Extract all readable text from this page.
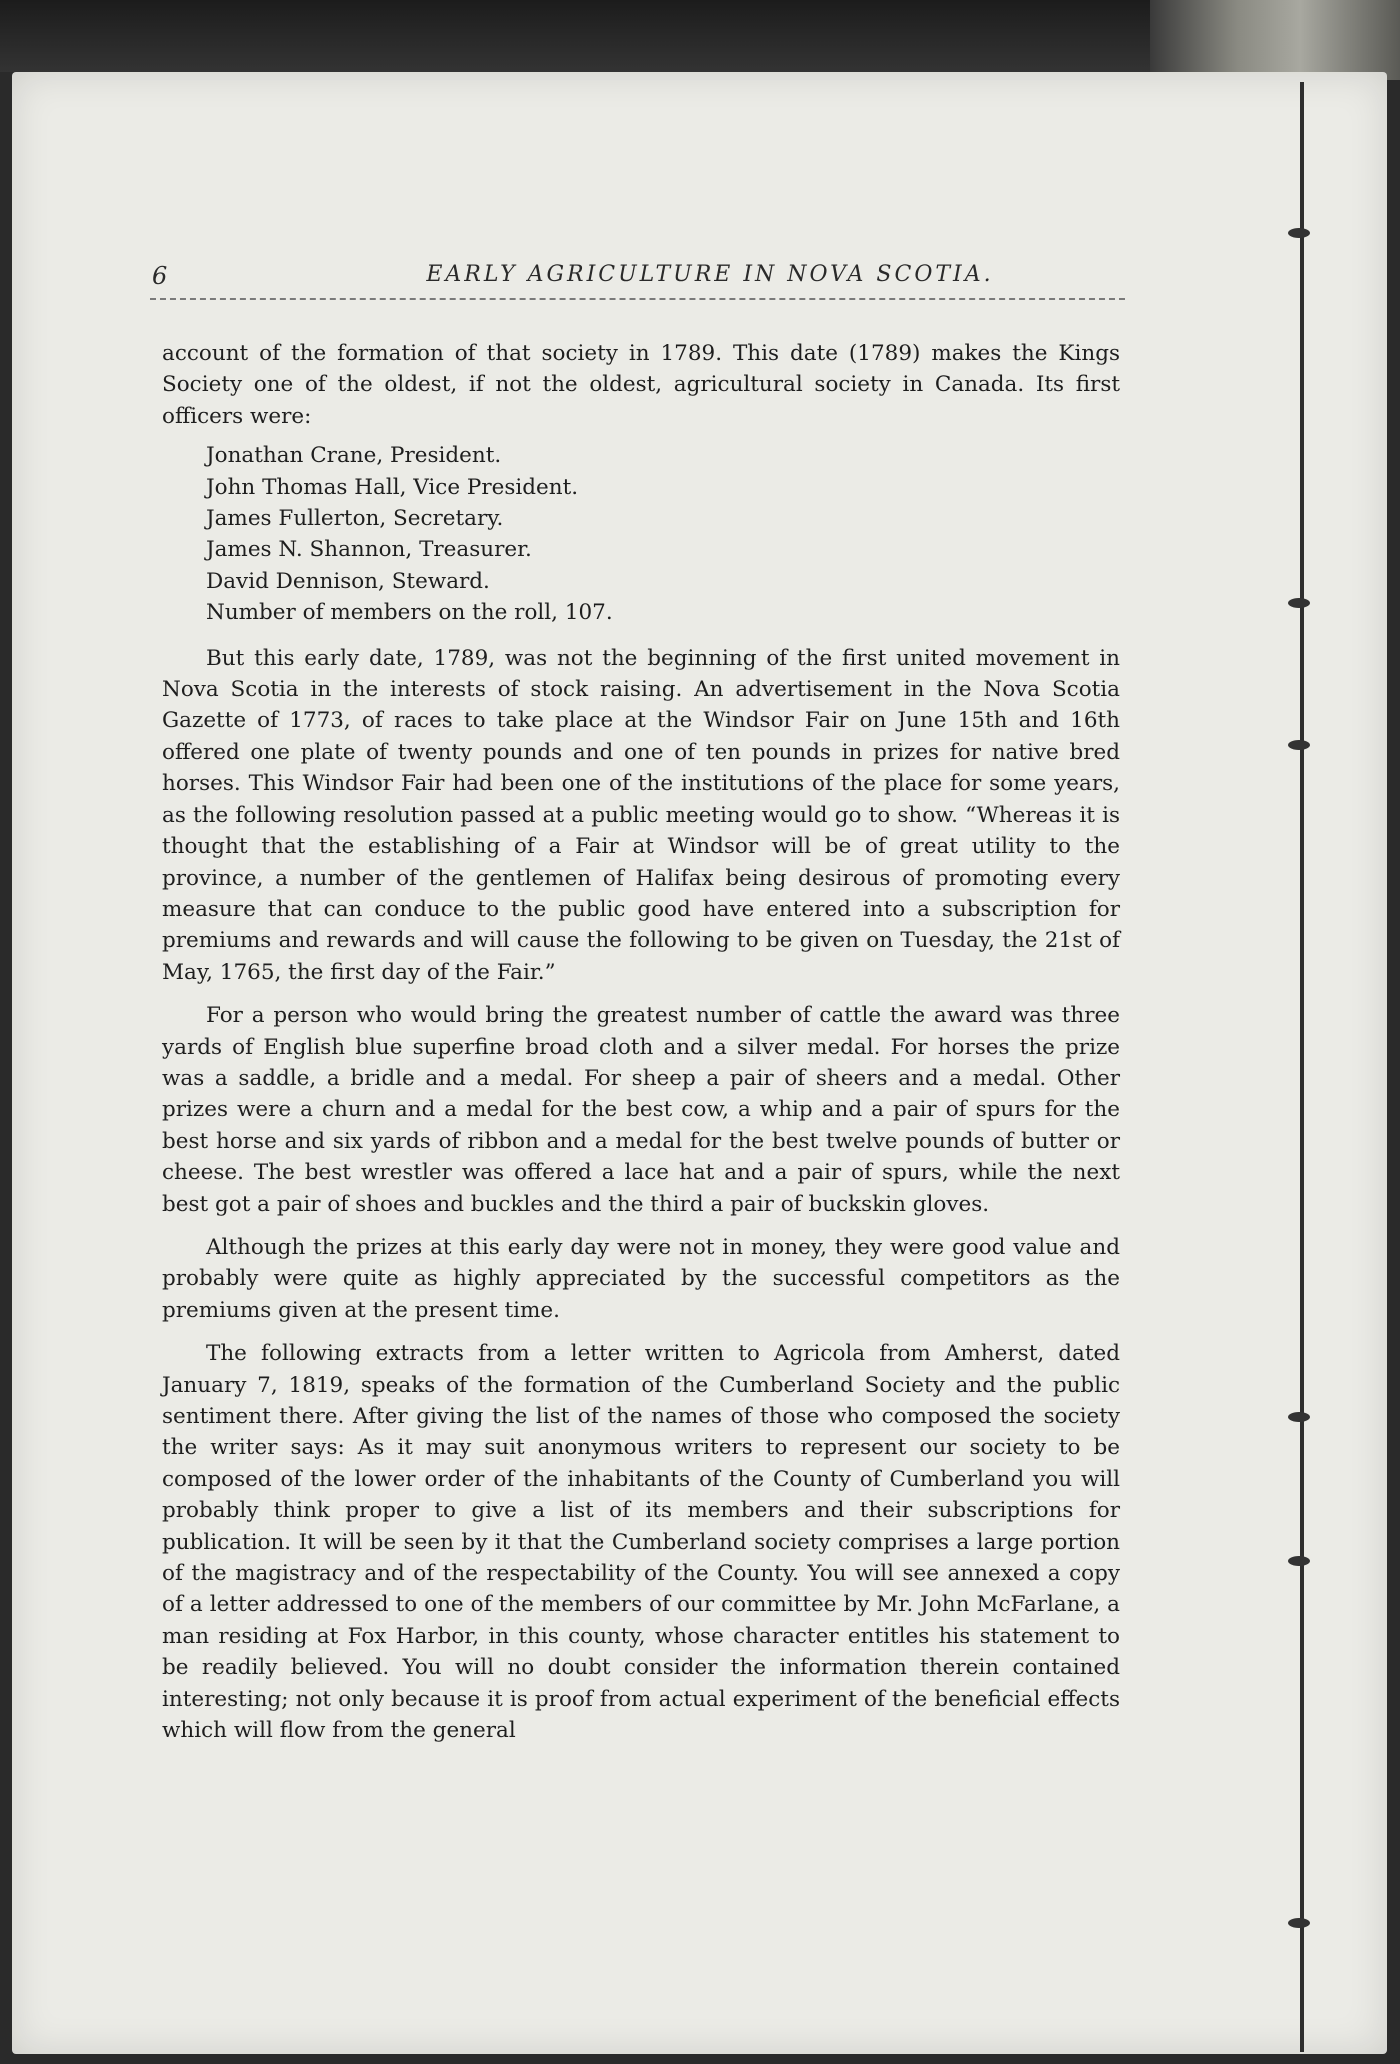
6	EARLY AGRICULTURE IN NOVA SCOTIA.

account of the formation of that society in 1789. This date (1789) makes the Kings Society one of the oldest, if not the oldest, agricultural society in Canada. Its first officers were:

Jonathan Crane, President.
John Thomas Hall, Vice President.
James Fullerton, Secretary.
James N. Shannon, Treasurer.
David Dennison, Steward.
Number of members on the roll, 107.

But this early date, 1789, was not the beginning of the first united movement in Nova Scotia in the interests of stock raising. An advertisement in the Nova Scotia Gazette of 1773, of races to take place at the Windsor Fair on June 15th and 16th offered one plate of twenty pounds and one of ten pounds in prizes for native bred horses. This Windsor Fair had been one of the institutions of the place for some years, as the following resolution passed at a public meeting would go to show. “Whereas it is thought that the establishing of a Fair at Windsor will be of great utility to the province, a number of the gentlemen of Halifax being desirous of promoting every measure that can conduce to the public good have entered into a subscription for premiums and rewards and will cause the following to be given on Tuesday, the 21st of May, 1765, the first day of the Fair.”

For a person who would bring the greatest number of cattle the award was three yards of English blue superfine broad cloth and a silver medal. For horses the prize was a saddle, a bridle and a medal. For sheep a pair of sheers and a medal. Other prizes were a churn and a medal for the best cow, a whip and a pair of spurs for the best horse and six yards of ribbon and a medal for the best twelve pounds of butter or cheese. The best wrestler was offered a lace hat and a pair of spurs, while the next best got a pair of shoes and buckles and the third a pair of buckskin gloves.

Although the prizes at this early day were not in money, they were good value and probably were quite as highly appreciated by the successful competitors as the premiums given at the present time.

The following extracts from a letter written to Agricola from Amherst, dated January 7, 1819, speaks of the formation of the Cumberland Society and the public sentiment there. After giving the list of the names of those who composed the society the writer says: As it may suit anonymous writers to represent our society to be composed of the lower order of the inhabitants of the County of Cumberland you will probably think proper to give a list of its members and their subscriptions for publication. It will be seen by it that the Cumberland society comprises a large portion of the magistracy and of the respectability of the County. You will see annexed a copy of a letter addressed to one of the members of our committee by Mr. John McFarlane, a man residing at Fox Harbor, in this county, whose character entitles his statement to be readily believed. You will no doubt consider the information therein contained interesting; not only because it is proof from actual experiment of the beneficial effects which will flow from the general
